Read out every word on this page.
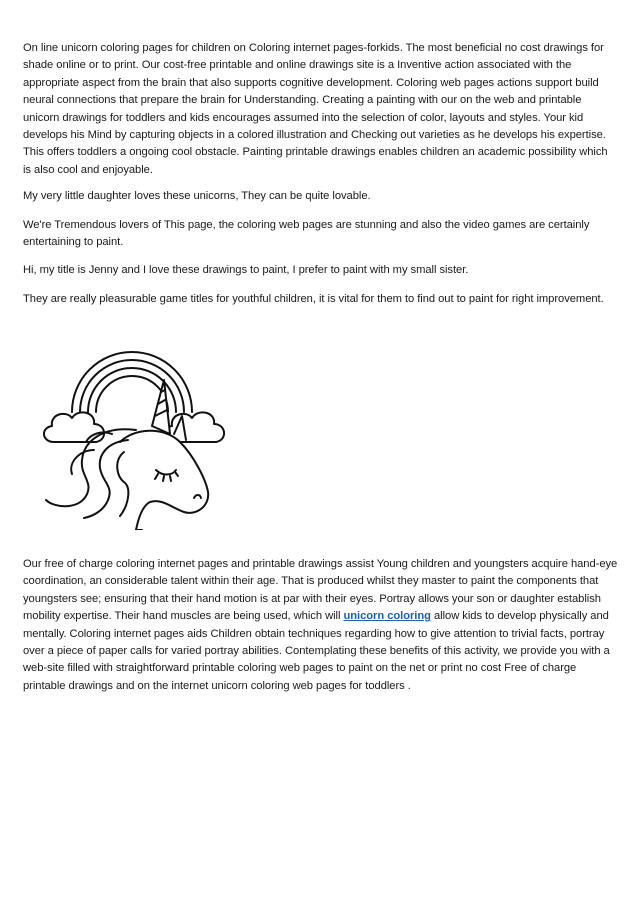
On line unicorn coloring pages for children on Coloring internet pages-forkids. The most beneficial no cost drawings for shade online or to print. Our cost-free printable and online drawings site is a Inventive action associated with the appropriate aspect from the brain that also supports cognitive development. Coloring web pages actions support build neural connections that prepare the brain for Understanding. Creating a painting with our on the web and printable unicorn drawings for toddlers and kids encourages assumed into the selection of color, layouts and styles. Your kid develops his Mind by capturing objects in a colored illustration and Checking out varieties as he develops his expertise. This offers toddlers a ongoing cool obstacle. Painting printable drawings enables children an academic possibility which is also cool and enjoyable.

My very little daughter loves these unicorns, They can be quite lovable.

We're Tremendous lovers of This page, the coloring web pages are stunning and also the video games are certainly entertaining to paint.

Hi, my title is Jenny and I love these drawings to paint, I prefer to paint with my small sister.

They are really pleasurable game titles for youthful children, it is vital for them to find out to paint for right improvement.

Our free of charge coloring internet pages and printable drawings assist Young children and youngsters acquire hand-eye coordination, an considerable talent within their age. That is produced whilst they master to paint the components that youngsters see; ensuring that their hand motion is at par with their eyes. Portray allows your son or daughter establish mobility expertise. Their hand muscles are being used, which will unicorn coloring allow kids to develop physically and mentally. Coloring internet pages aids Children obtain techniques regarding how to give attention to trivial facts, portray over a piece of paper calls for varied portray abilities. Contemplating these benefits of this activity, we provide you with a web-site filled with straightforward printable coloring web pages to paint on the net or print no cost Free of charge printable drawings and on the internet unicorn coloring web pages for toddlers .
